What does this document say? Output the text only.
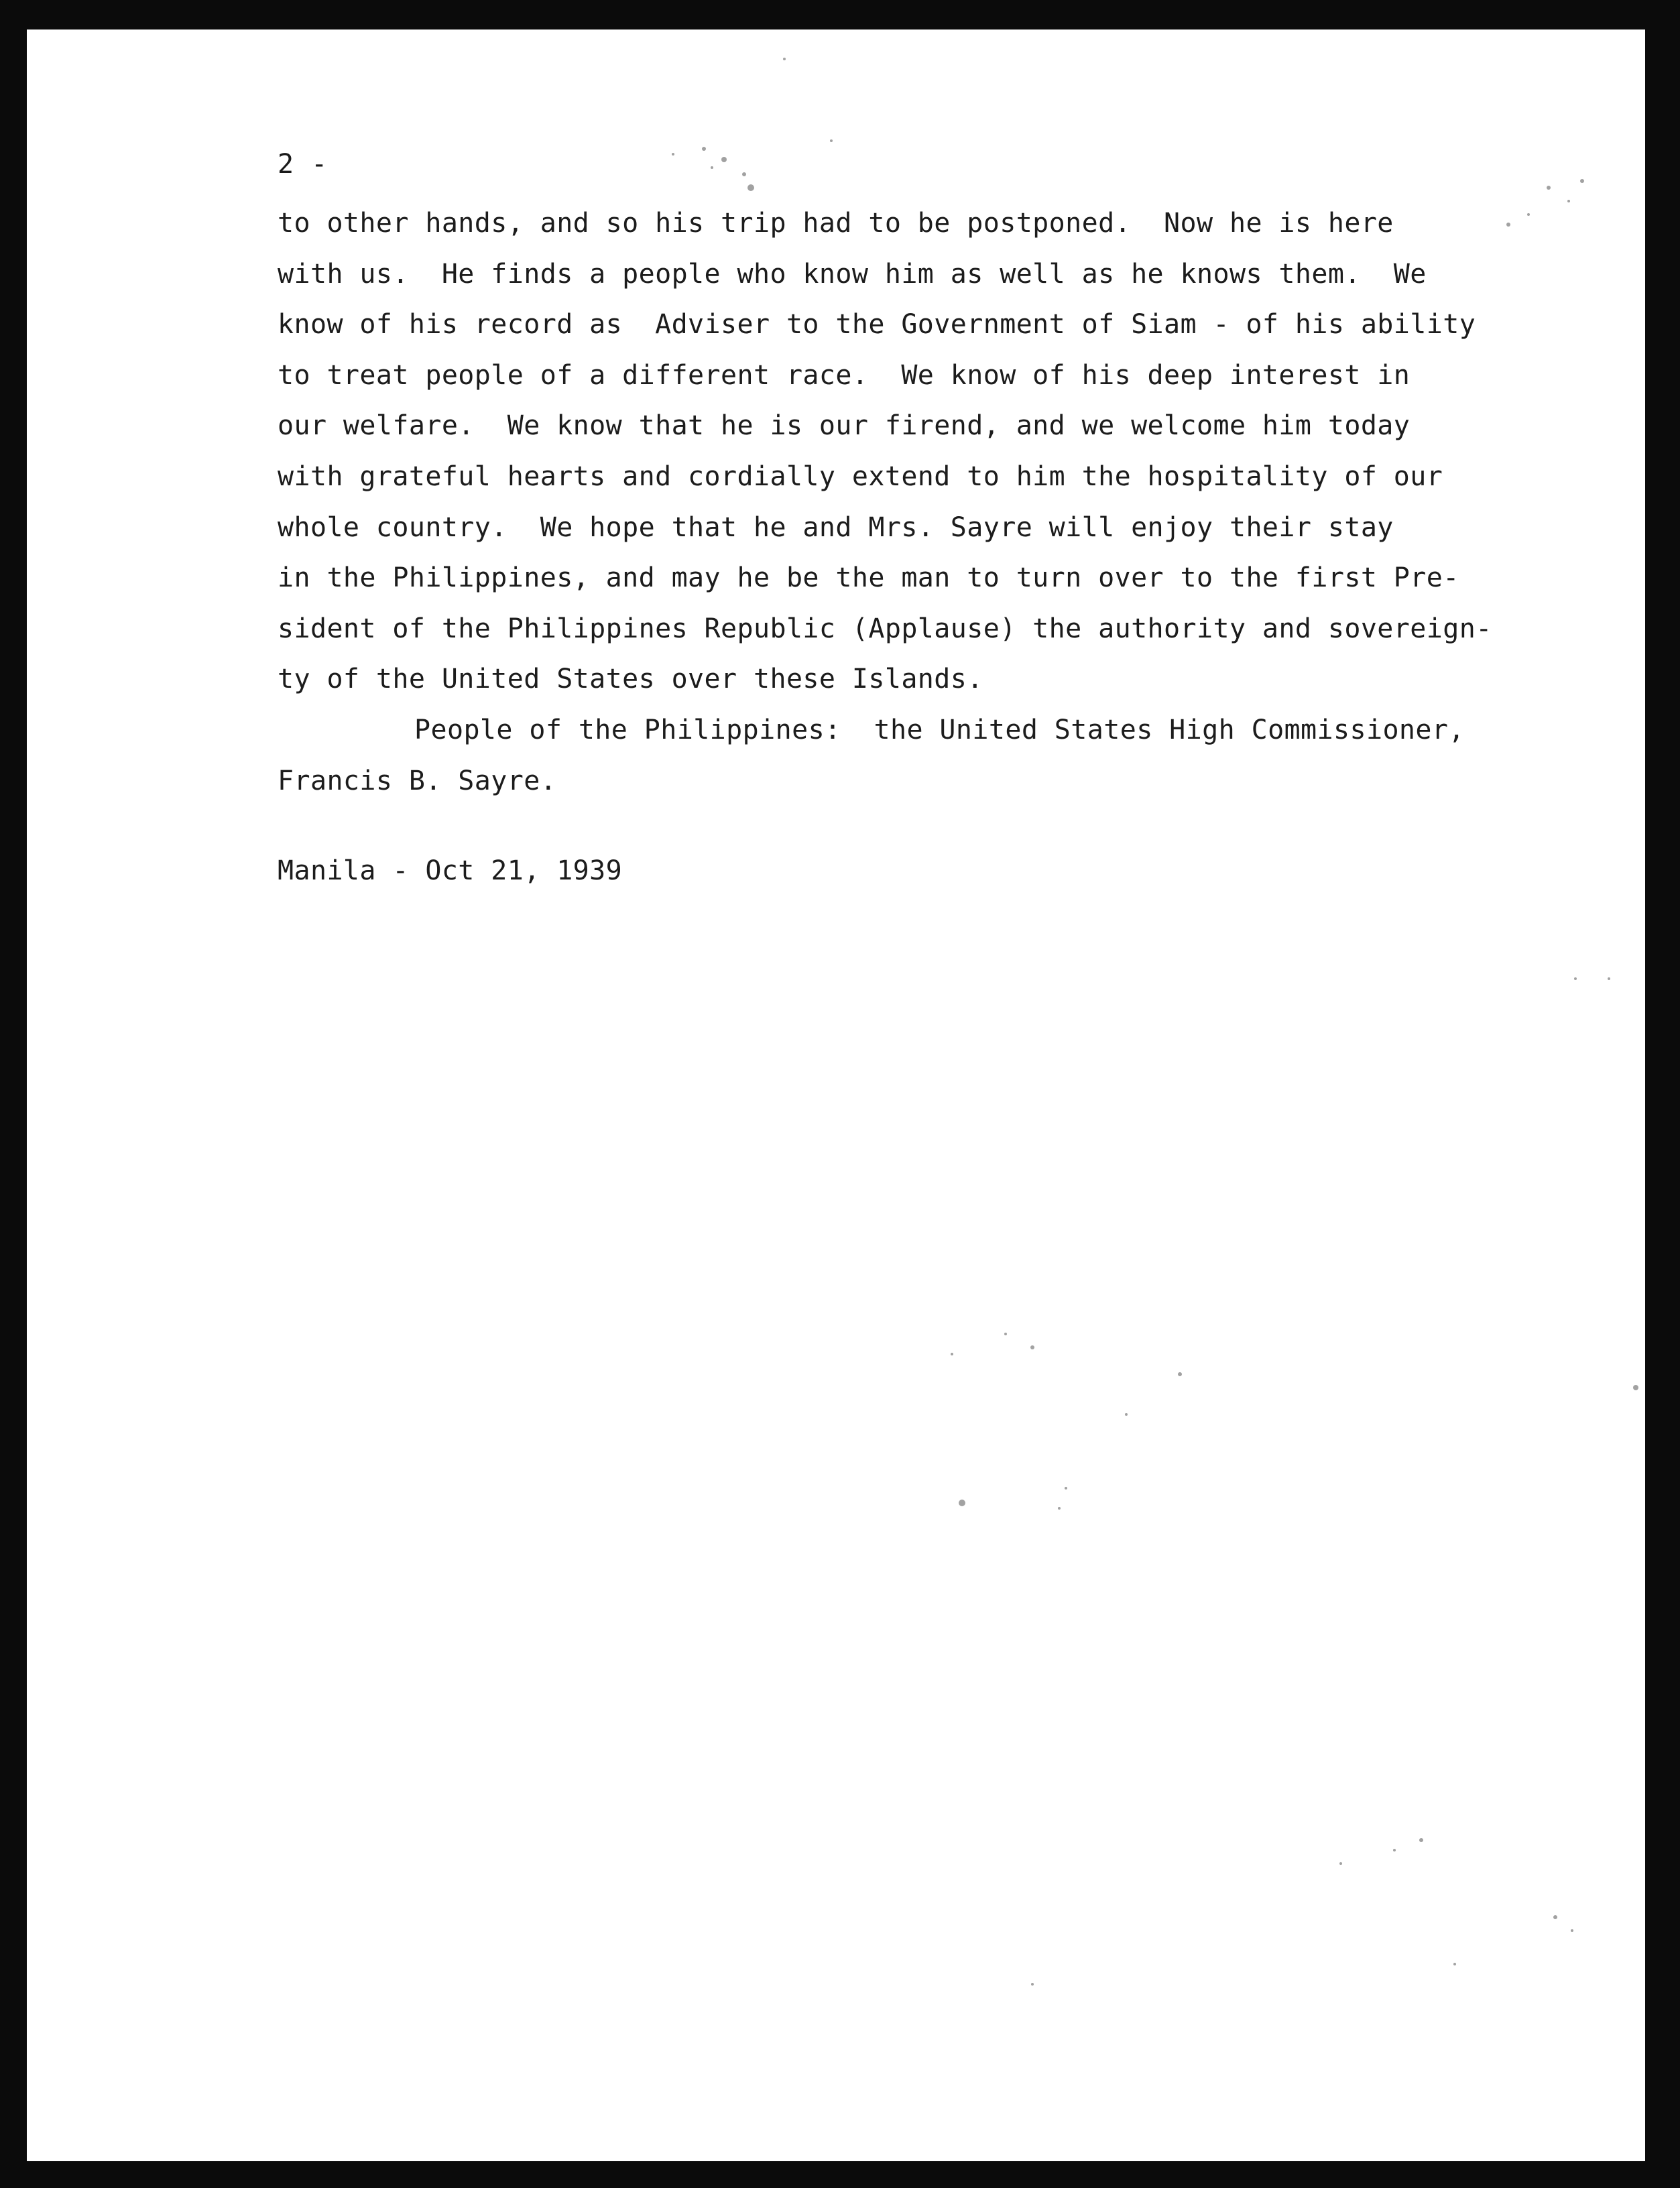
2 -
to other hands, and so his trip had to be postponed.  Now he is here
with us.  He finds a people who know him as well as he knows them.  We
know of his record as  Adviser to the Government of Siam - of his ability
to treat people of a different race.  We know of his deep interest in
our welfare.  We know that he is our firend, and we welcome him today
with grateful hearts and cordially extend to him the hospitality of our
whole country.  We hope that he and Mrs. Sayre will enjoy their stay
in the Philippines, and may he be the man to turn over to the first Pre-
sident of the Philippines Republic (Applause) the authority and sovereign-
ty of the United States over these Islands.
People of the Philippines:  the United States High Commissioner,
Francis B. Sayre.
Manila - Oct 21, 1939
